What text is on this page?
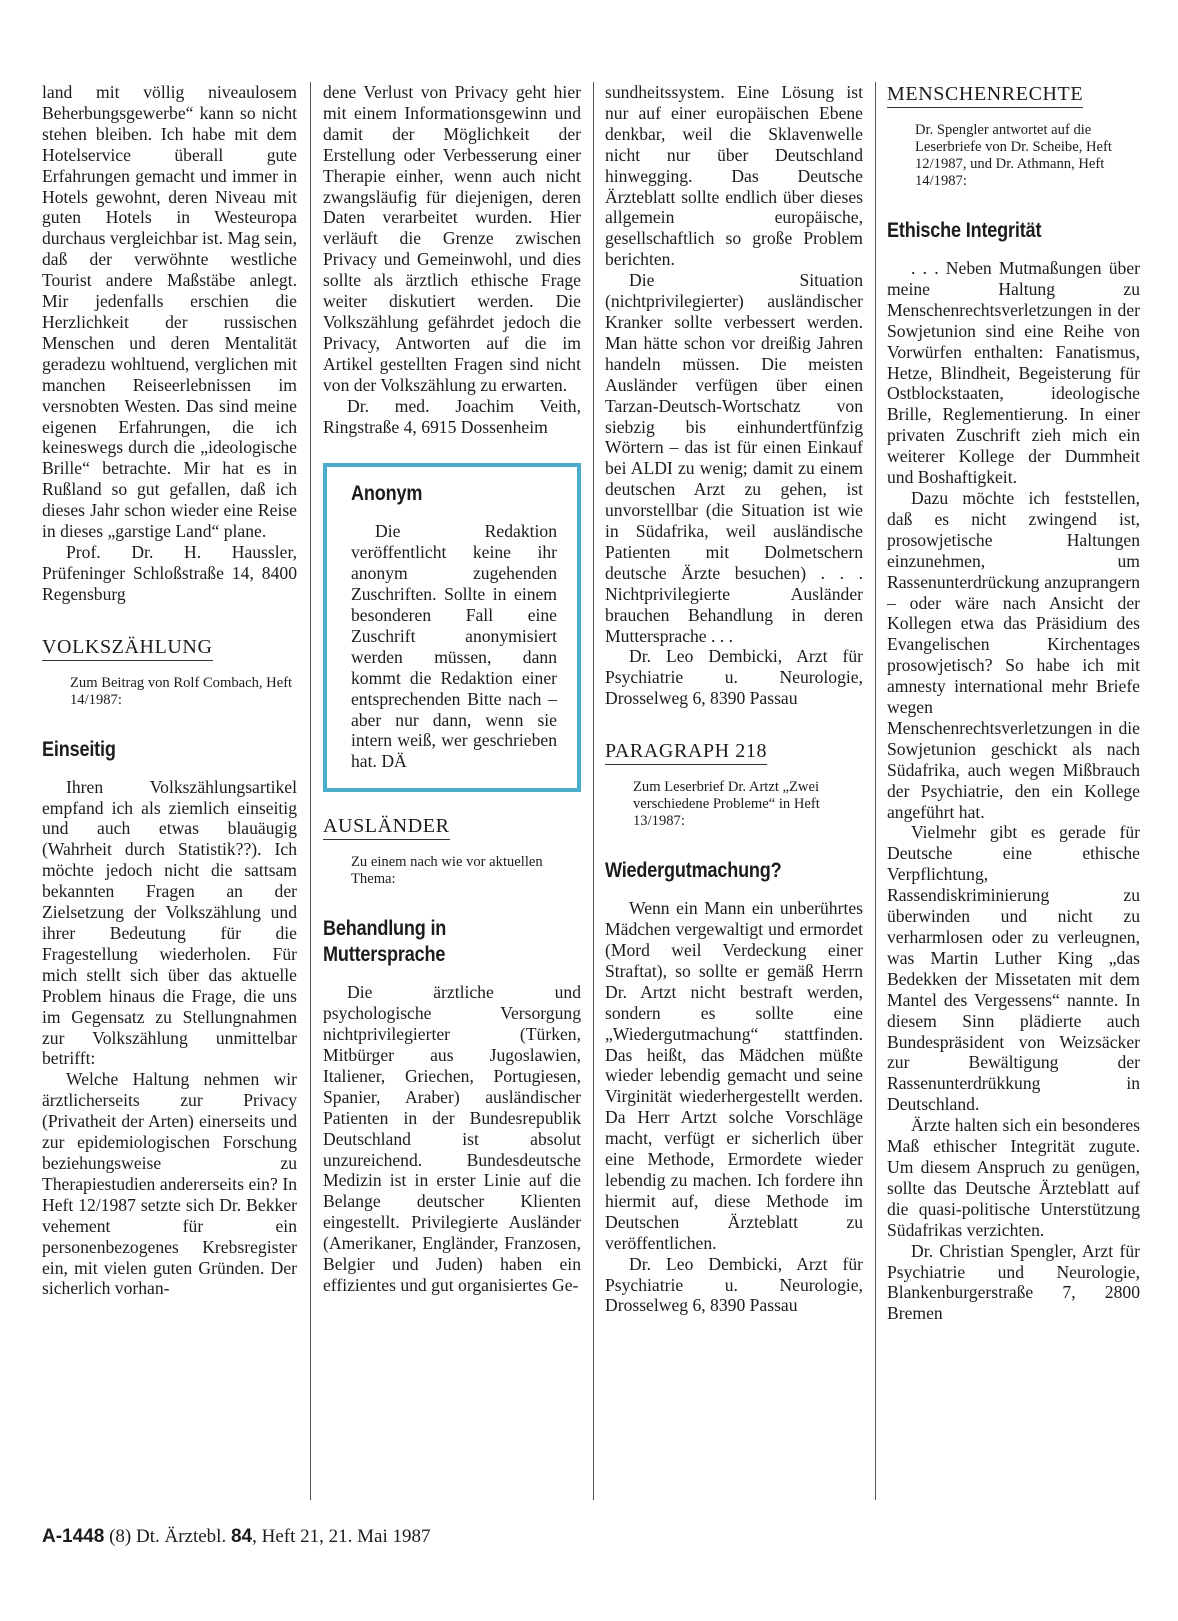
land mit völlig niveaulosem Beherbungsgewerbe“ kann so nicht stehen bleiben. Ich habe mit dem Hotelservice überall gute Erfahrungen gemacht und immer in Hotels gewohnt, deren Niveau mit guten Hotels in Westeuropa durchaus vergleichbar ist. Mag sein, daß der verwöhnte westliche Tourist andere Maßstäbe anlegt. Mir jedenfalls erschien die Herzlichkeit der russischen Menschen und deren Mentalität geradezu wohltuend, verglichen mit manchen Reiseerlebnissen im versnobten Westen. Das sind meine eigenen Erfahrungen, die ich keineswegs durch die „ideologische Brille“ betrachte. Mir hat es in Rußland so gut gefallen, daß ich dieses Jahr schon wieder eine Reise in dieses „garstige Land“ plane.

Prof. Dr. H. Haussler, Prüfeninger Schloßstraße 14, 8400 Regensburg

VOLKSZÄHLUNG

Zum Beitrag von Rolf Combach, Heft 14/1987:

Einseitig

Ihren Volkszählungsartikel empfand ich als ziemlich einseitig und auch etwas blauäugig (Wahrheit durch Statistik??). Ich möchte jedoch nicht die sattsam bekannten Fragen an der Zielsetzung der Volkszählung und ihrer Bedeutung für die Fragestellung wiederholen. Für mich stellt sich über das aktuelle Problem hinaus die Frage, die uns im Gegensatz zu Stellungnahmen zur Volkszählung unmittelbar betrifft:

Welche Haltung nehmen wir ärztlicherseits zur Privacy (Privatheit der Arten) einerseits und zur epidemiologischen Forschung beziehungsweise zu Therapiestudien andererseits ein? In Heft 12/1987 setzte sich Dr. Bekker vehement für ein personenbezogenes Krebsregister ein, mit vielen guten Gründen. Der sicherlich vorhan-

dene Verlust von Privacy geht hier mit einem Informationsgewinn und damit der Möglichkeit der Erstellung oder Verbesserung einer Therapie einher, wenn auch nicht zwangsläufig für diejenigen, deren Daten verarbeitet wurden. Hier verläuft die Grenze zwischen Privacy und Gemeinwohl, und dies sollte als ärztlich ethische Frage weiter diskutiert werden. Die Volkszählung gefährdet jedoch die Privacy, Antworten auf die im Artikel gestellten Fragen sind nicht von der Volkszählung zu erwarten.

Dr. med. Joachim Veith, Ringstraße 4, 6915 Dossenheim

Anonym

Die Redaktion veröffentlicht keine ihr anonym zugehenden Zuschriften. Sollte in einem besonderen Fall eine Zuschrift anonymisiert werden müssen, dann kommt die Redaktion einer entsprechenden Bitte nach – aber nur dann, wenn sie intern weiß, wer geschrieben hat. DÄ

AUSLÄNDER

Zu einem nach wie vor aktuellen Thema:

Behandlung in Muttersprache

Die ärztliche und psychologische Versorgung nichtprivilegierter (Türken, Mitbürger aus Jugoslawien, Italiener, Griechen, Portugiesen, Spanier, Araber) ausländischer Patienten in der Bundesrepublik Deutschland ist absolut unzureichend. Bundesdeutsche Medizin ist in erster Linie auf die Belange deutscher Klienten eingestellt. Privilegierte Ausländer (Amerikaner, Engländer, Franzosen, Belgier und Juden) haben ein effizientes und gut organisiertes Ge-

sundheitssystem. Eine Lösung ist nur auf einer europäischen Ebene denkbar, weil die Sklavenwelle nicht nur über Deutschland hinwegging. Das Deutsche Ärzteblatt sollte endlich über dieses allgemein europäische, gesellschaftlich so große Problem berichten.

Die Situation (nichtprivilegierter) ausländischer Kranker sollte verbessert werden. Man hätte schon vor dreißig Jahren handeln müssen. Die meisten Ausländer verfügen über einen Tarzan-Deutsch-Wortschatz von siebzig bis einhundertfünfzig Wörtern – das ist für einen Einkauf bei ALDI zu wenig; damit zu einem deutschen Arzt zu gehen, ist unvorstellbar (die Situation ist wie in Südafrika, weil ausländische Patienten mit Dolmetschern deutsche Ärzte besuchen) . . . Nichtprivilegierte Ausländer brauchen Behandlung in deren Muttersprache . . .

Dr. Leo Dembicki, Arzt für Psychiatrie u. Neurologie, Drosselweg 6, 8390 Passau

PARAGRAPH 218

Zum Leserbrief Dr. Artzt „Zwei verschiedene Probleme“ in Heft 13/1987:

Wiedergutmachung?

Wenn ein Mann ein unberührtes Mädchen vergewaltigt und ermordet (Mord weil Verdeckung einer Straftat), so sollte er gemäß Herrn Dr. Artzt nicht bestraft werden, sondern es sollte eine „Wiedergutmachung“ stattfinden. Das heißt, das Mädchen müßte wieder lebendig gemacht und seine Virginität wiederhergestellt werden. Da Herr Artzt solche Vorschläge macht, verfügt er sicherlich über eine Methode, Ermordete wieder lebendig zu machen. Ich fordere ihn hiermit auf, diese Methode im Deutschen Ärzteblatt zu veröffentlichen.

Dr. Leo Dembicki, Arzt für Psychiatrie u. Neurologie, Drosselweg 6, 8390 Passau

MENSCHENRECHTE

Dr. Spengler antwortet auf die Leserbriefe von Dr. Scheibe, Heft 12/1987, und Dr. Athmann, Heft 14/1987:

Ethische Integrität

. . . Neben Mutmaßungen über meine Haltung zu Menschenrechtsverletzungen in der Sowjetunion sind eine Reihe von Vorwürfen enthalten: Fanatismus, Hetze, Blindheit, Begeisterung für Ostblockstaaten, ideologische Brille, Reglementierung. In einer privaten Zuschrift zieh mich ein weiterer Kollege der Dummheit und Boshaftigkeit.

Dazu möchte ich feststellen, daß es nicht zwingend ist, prosowjetische Haltungen einzunehmen, um Rassenunterdrückung anzuprangern – oder wäre nach Ansicht der Kollegen etwa das Präsidium des Evangelischen Kirchentages prosowjetisch? So habe ich mit amnesty international mehr Briefe wegen Menschenrechtsverletzungen in die Sowjetunion geschickt als nach Südafrika, auch wegen Mißbrauch der Psychiatrie, den ein Kollege angeführt hat.

Vielmehr gibt es gerade für Deutsche eine ethische Verpflichtung, Rassendiskriminierung zu überwinden und nicht zu verharmlosen oder zu verleugnen, was Martin Luther King „das Bedekken der Missetaten mit dem Mantel des Vergessens“ nannte. In diesem Sinn plädierte auch Bundespräsident von Weizsäcker zur Bewältigung der Rassenunterdrükkung in Deutschland.

Ärzte halten sich ein besonderes Maß ethischer Integrität zugute. Um diesem Anspruch zu genügen, sollte das Deutsche Ärzteblatt auf die quasi-politische Unterstützung Südafrikas verzichten.

Dr. Christian Spengler, Arzt für Psychiatrie und Neurologie, Blankenburgerstraße 7, 2800 Bremen

A-1448 (8) Dt. Ärztebl. 84, Heft 21, 21. Mai 1987
